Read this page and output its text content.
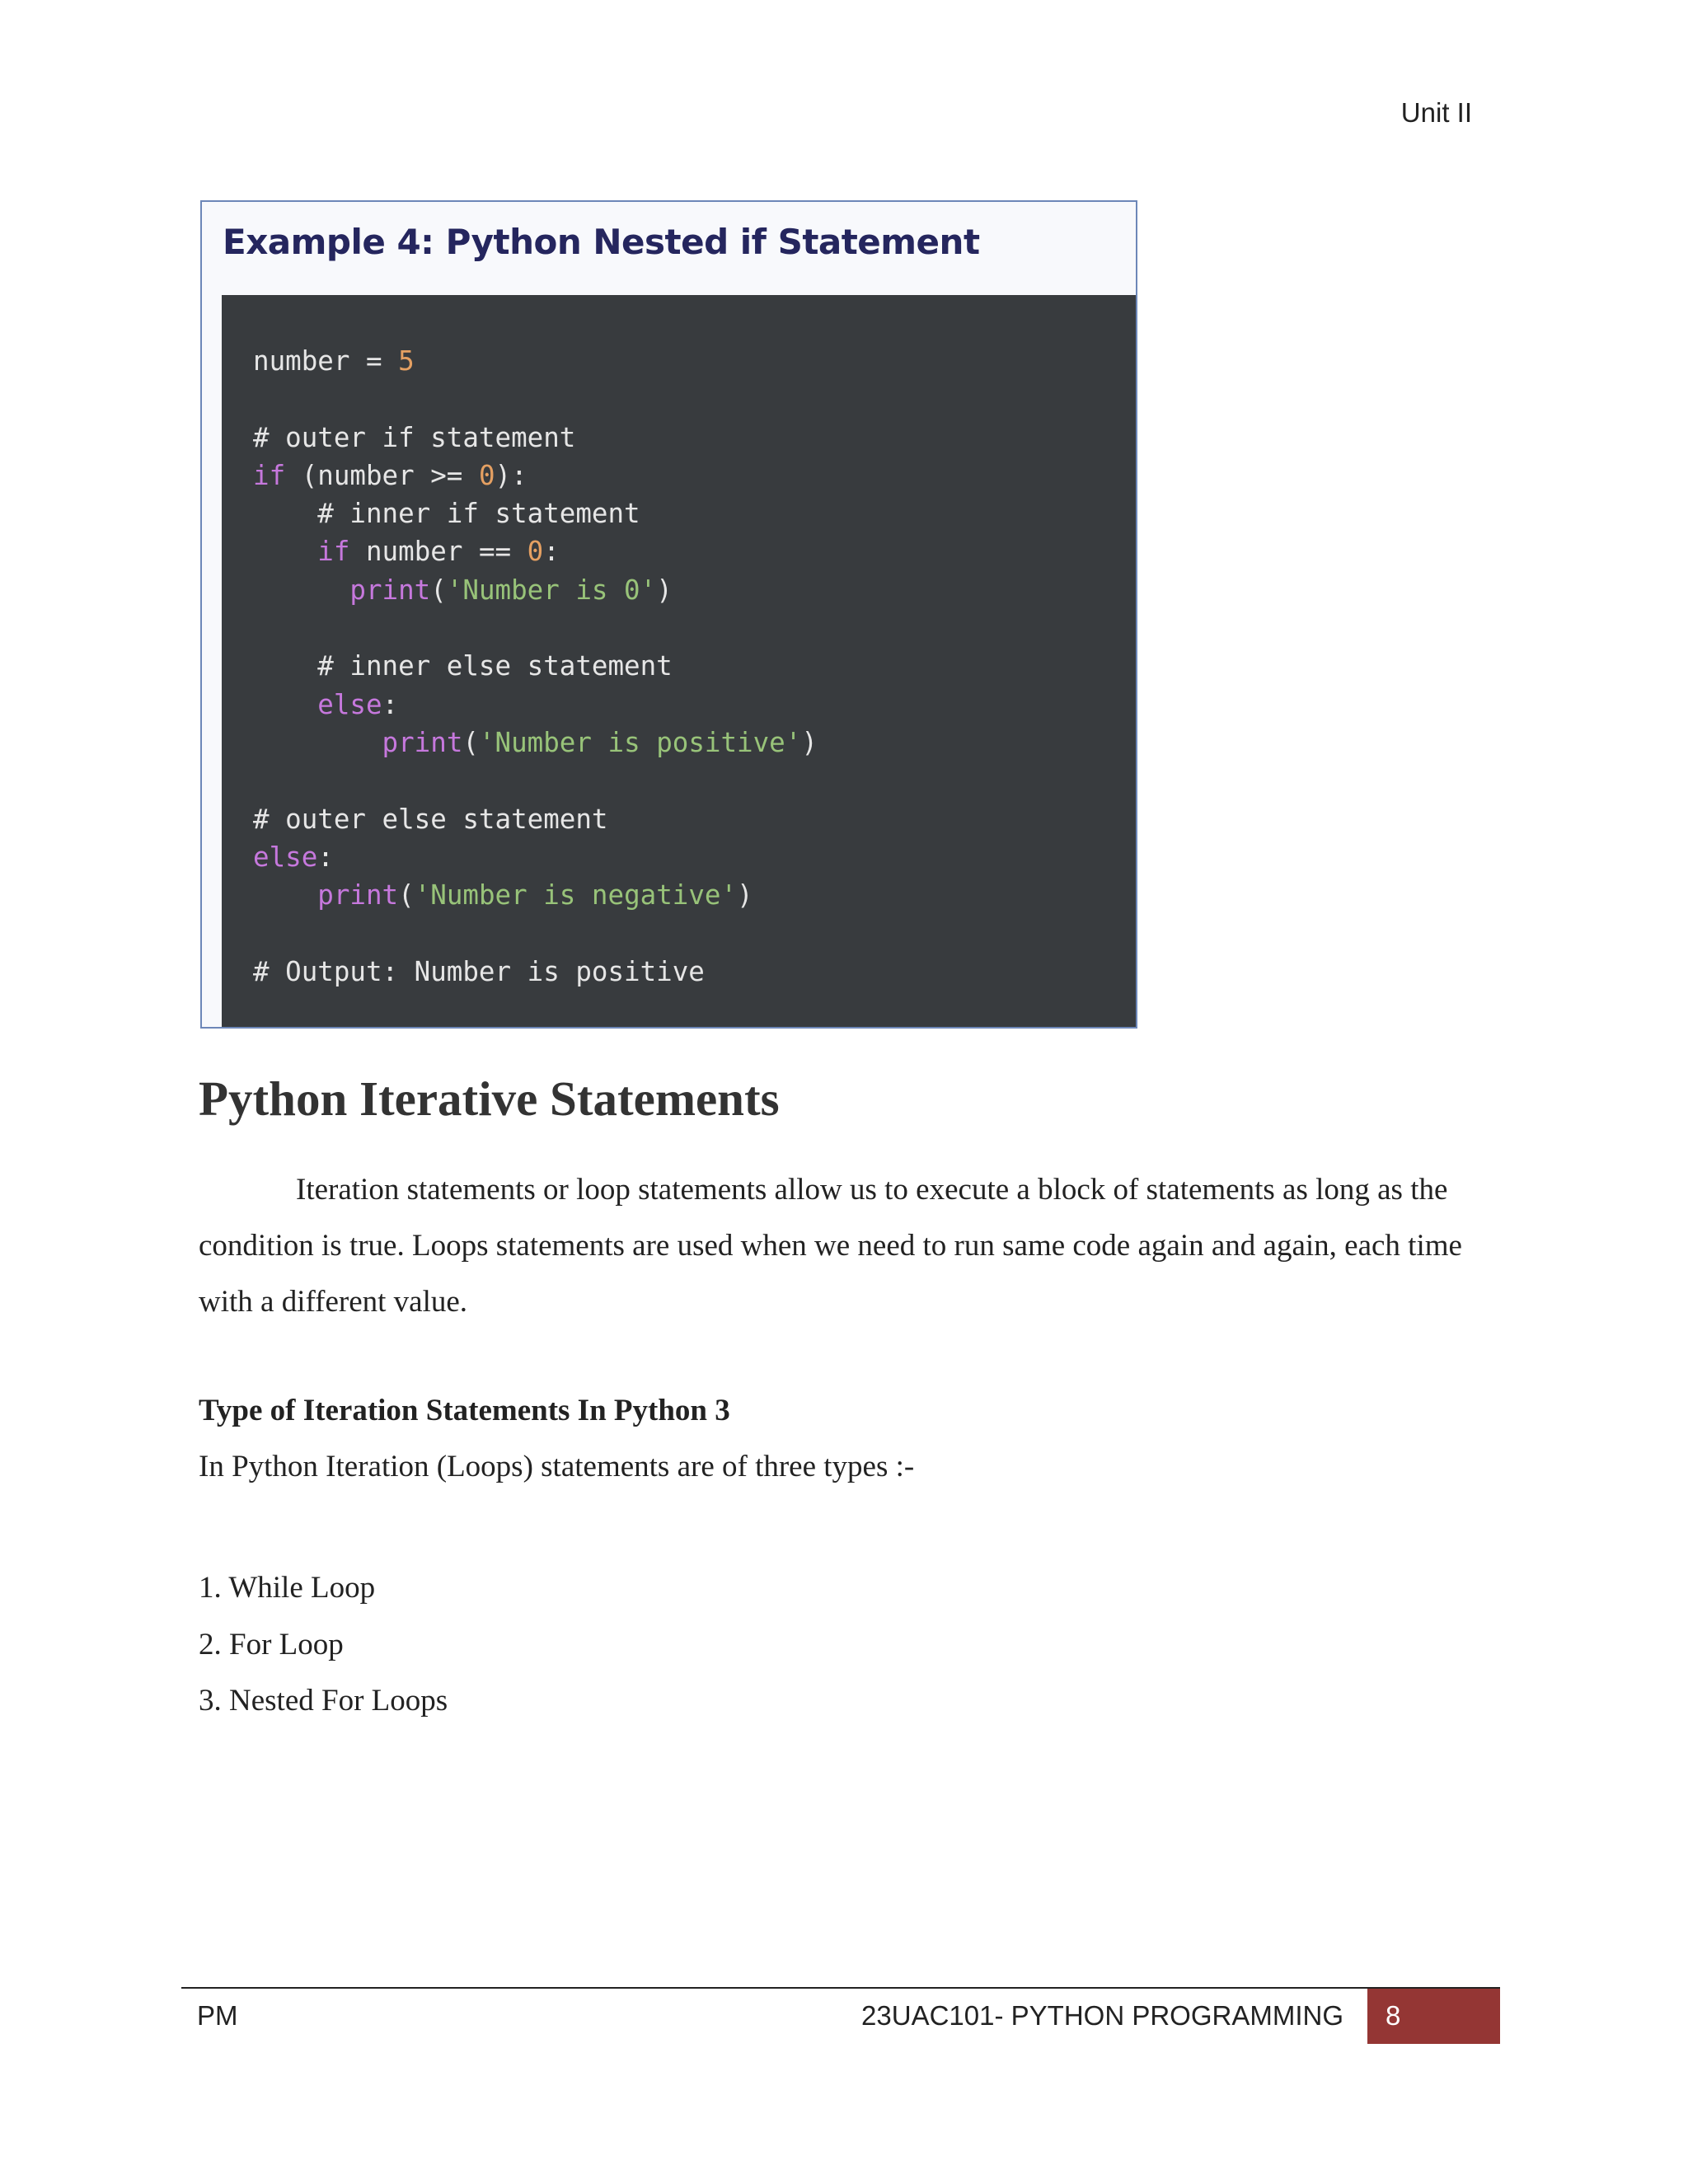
Unit II
Example 4: Python Nested if Statement
number = 5
# outer if statement
if (number >= 0):
# inner if statement
if number == 0:
print('Number is 0')
# inner else statement
else:
print('Number is positive')
# outer else statement
else:
print('Number is negative')
# Output: Number is positive
Python Iterative Statements
Iteration statements or loop statements allow us to execute a block of statements as long as the condition is true. Loops statements are used when we need to run same code again and again, each time with a different value.
Type of Iteration Statements In Python 3
In Python Iteration (Loops) statements are of three types :-
1. While Loop
2. For Loop
3. Nested For Loops
PM	23UAC101- PYTHON PROGRAMMING	8
